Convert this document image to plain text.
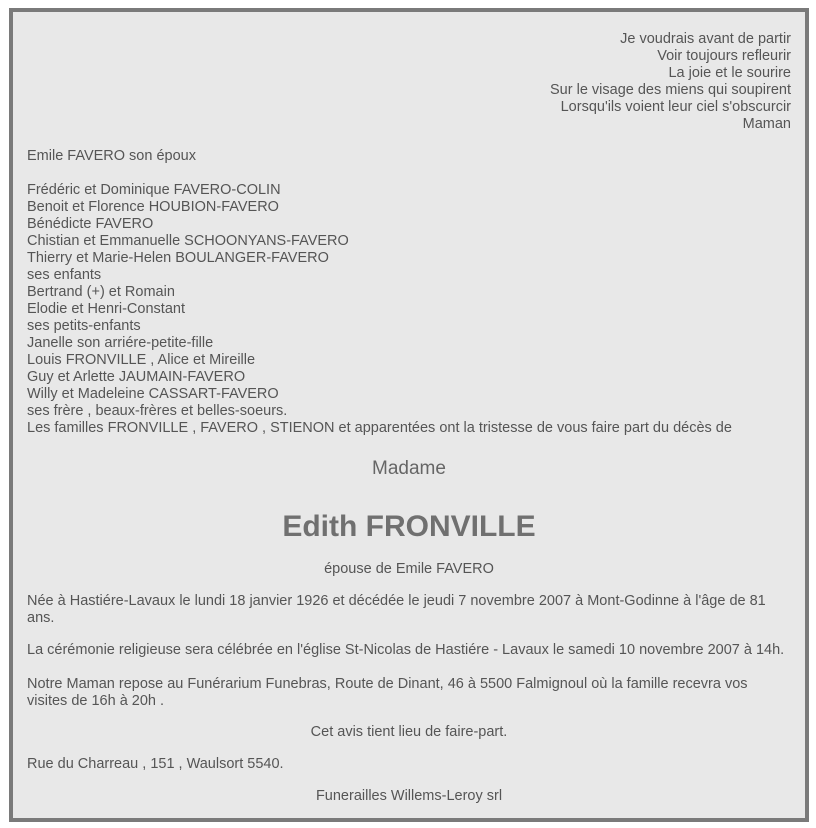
Je voudrais avant de partir
Voir toujours refleurir
La joie et le sourire
Sur le visage des miens qui soupirent
Lorsqu'ils voient leur ciel s'obscurcir
Maman
Emile FAVERO son époux
Frédéric et Dominique FAVERO-COLIN
Benoit et Florence HOUBION-FAVERO
Bénédicte FAVERO
Chistian et Emmanuelle SCHOONYANS-FAVERO
Thierry et Marie-Helen BOULANGER-FAVERO
ses enfants
Bertrand (+) et Romain
Elodie et Henri-Constant
ses petits-enfants
Janelle son arriére-petite-fille
Louis FRONVILLE , Alice et Mireille
Guy et Arlette JAUMAIN-FAVERO
Willy et Madeleine CASSART-FAVERO
ses frère , beaux-frères et belles-soeurs.
Les familles FRONVILLE , FAVERO , STIENON et apparentées ont la tristesse de vous faire part du décès de
Madame
Edith FRONVILLE
épouse de Emile FAVERO
Née à Hastiére-Lavaux le lundi 18 janvier 1926 et décédée le jeudi 7 novembre 2007 à Mont-Godinne à l'âge de 81 ans.
La cérémonie religieuse sera célébrée en l'église St-Nicolas de Hastiére - Lavaux le samedi 10 novembre 2007 à 14h.
Notre Maman repose au Funérarium Funebras, Route de Dinant, 46 à 5500 Falmignoul où la famille recevra vos visites de 16h à 20h .
Cet avis tient lieu de faire-part.
Rue du Charreau , 151 , Waulsort 5540.
Funerailles Willems-Leroy srl
